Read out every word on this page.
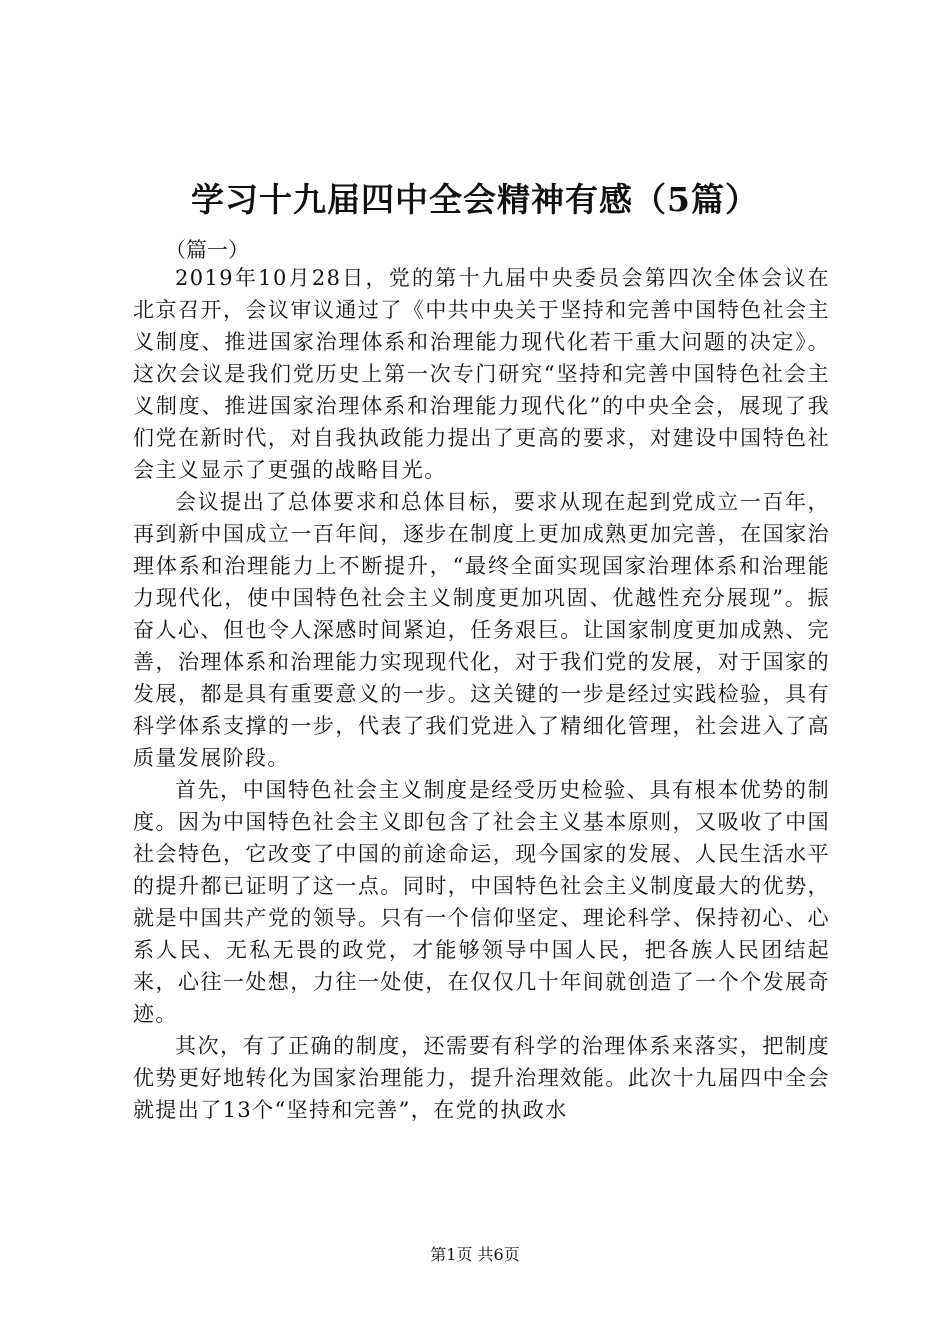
学习十九届四中全会精神有感（5篇）

（篇一）

2019年10月28日，党的第十九届中央委员会第四次全体会议在北京召开，会议审议通过了《中共中央关于坚持和完善中国特色社会主义制度、推进国家治理体系和治理能力现代化若干重大问题的决定》。这次会议是我们党历史上第一次专门研究“坚持和完善中国特色社会主义制度、推进国家治理体系和治理能力现代化”的中央全会，展现了我们党在新时代，对自我执政能力提出了更高的要求，对建设中国特色社会主义显示了更强的战略目光。

会议提出了总体要求和总体目标，要求从现在起到党成立一百年，再到新中国成立一百年间，逐步在制度上更加成熟更加完善，在国家治理体系和治理能力上不断提升，“最终全面实现国家治理体系和治理能力现代化，使中国特色社会主义制度更加巩固、优越性充分展现”。振奋人心、但也令人深感时间紧迫，任务艰巨。让国家制度更加成熟、完善，治理体系和治理能力实现现代化，对于我们党的发展，对于国家的发展，都是具有重要意义的一步。这关键的一步是经过实践检验，具有科学体系支撑的一步，代表了我们党进入了精细化管理，社会进入了高质量发展阶段。

首先，中国特色社会主义制度是经受历史检验、具有根本优势的制度。因为中国特色社会主义即包含了社会主义基本原则，又吸收了中国社会特色，它改变了中国的前途命运，现今国家的发展、人民生活水平的提升都已证明了这一点。同时，中国特色社会主义制度最大的优势，就是中国共产党的领导。只有一个信仰坚定、理论科学、保持初心、心系人民、无私无畏的政党，才能够领导中国人民，把各族人民团结起来，心往一处想，力往一处使，在仅仅几十年间就创造了一个个发展奇迹。

其次，有了正确的制度，还需要有科学的治理体系来落实，把制度优势更好地转化为国家治理能力，提升治理效能。此次十九届四中全会就提出了13个“坚持和完善”，在党的执政水

第1页 共6页
